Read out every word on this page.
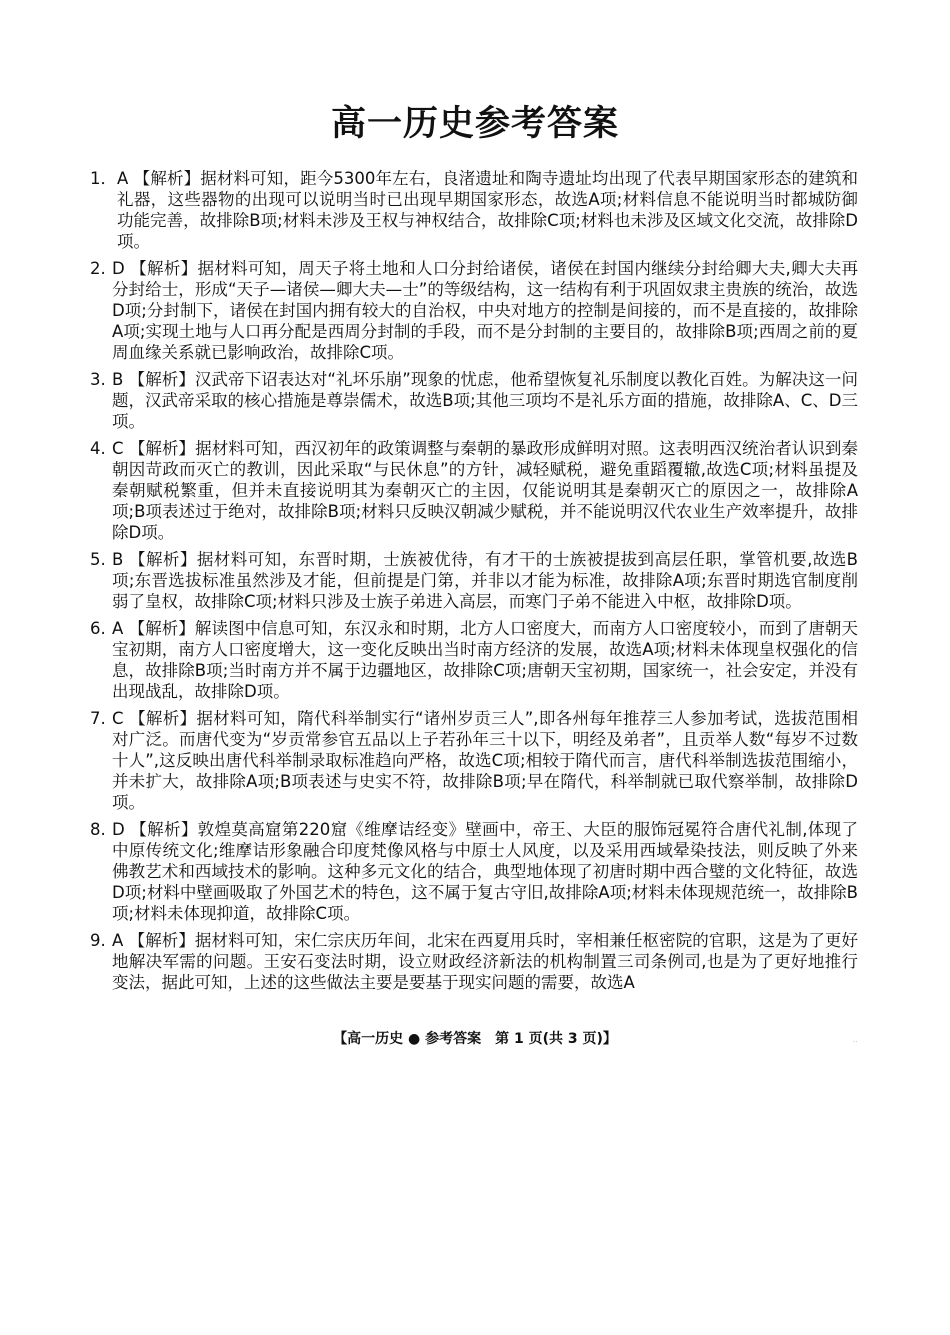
高一历史参考答案
1． A 【解析】据材料可知，距今5300年左右，良渚遗址和陶寺遗址均出现了代表早期国家形态的建筑和礼器，这些器物的出现可以说明当时已出现早期国家形态，故选A项;材料信息不能说明当时都城防御功能完善，故排除B项;材料未涉及王权与神权结合，故排除C项;材料也未涉及区域文化交流，故排除D项。
2. D 【解析】据材料可知，周天子将土地和人口分封给诸侯，诸侯在封国内继续分封给卿大夫,卿大夫再分封给士，形成“天子—诸侯—卿大夫—士”的等级结构，这一结构有利于巩固奴隶主贵族的统治，故选D项;分封制下，诸侯在封国内拥有较大的自治权，中央对地方的控制是间接的，而不是直接的，故排除A项;实现土地与人口再分配是西周分封制的手段，而不是分封制的主要目的，故排除B项;西周之前的夏周血缘关系就已影响政治，故排除C项。
3. B 【解析】汉武帝下诏表达对“礼坏乐崩”现象的忧虑，他希望恢复礼乐制度以教化百姓。为解决这一问题，汉武帝采取的核心措施是尊崇儒术，故选B项;其他三项均不是礼乐方面的措施，故排除A、C、D三项。
4. C 【解析】据材料可知，西汉初年的政策调整与秦朝的暴政形成鲜明对照。这表明西汉统治者认识到秦朝因苛政而灭亡的教训，因此采取“与民休息”的方针，减轻赋税，避免重蹈覆辙,故选C项;材料虽提及秦朝赋税繁重，但并未直接说明其为秦朝灭亡的主因，仅能说明其是秦朝灭亡的原因之一，故排除A项;B项表述过于绝对，故排除B项;材料只反映汉朝减少赋税，并不能说明汉代农业生产效率提升，故排除D项。
5. B 【解析】据材料可知，东晋时期，士族被优待，有才干的士族被提拔到高层任职，掌管机要,故选B项;东晋选拔标准虽然涉及才能，但前提是门第，并非以才能为标准，故排除A项;东晋时期选官制度削弱了皇权，故排除C项;材料只涉及士族子弟进入高层，而寒门子弟不能进入中枢，故排除D项。
6. A 【解析】解读图中信息可知，东汉永和时期，北方人口密度大，而南方人口密度较小，而到了唐朝天宝初期，南方人口密度增大，这一变化反映出当时南方经济的发展，故选A项;材料未体现皇权强化的信息，故排除B项;当时南方并不属于边疆地区，故排除C项;唐朝天宝初期，国家统一，社会安定，并没有出现战乱，故排除D项。
7. C 【解析】据材料可知，隋代科举制实行“诸州岁贡三人”,即各州每年推荐三人参加考试，选拔范围相对广泛。而唐代变为“岁贡常参官五品以上子若孙年三十以下，明经及弟者”，且贡举人数“每岁不过数十人”,这反映出唐代科举制录取标准趋向严格，故选C项;相较于隋代而言，唐代科举制选拔范围缩小，并未扩大，故排除A项;B项表述与史实不符，故排除B项;早在隋代，科举制就已取代察举制，故排除D项。
8. D 【解析】敦煌莫高窟第220窟《维摩诘经变》壁画中，帝王、大臣的服饰冠冕符合唐代礼制,体现了中原传统文化;维摩诘形象融合印度梵像风格与中原士人风度，以及采用西域晕染技法，则反映了外来佛教艺术和西域技术的影响。这种多元文化的结合，典型地体现了初唐时期中西合璧的文化特征，故选D项;材料中壁画吸取了外国艺术的特色，这不属于复古守旧,故排除A项;材料未体现规范统一，故排除B项;材料未体现抑道，故排除C项。
9. A 【解析】据材料可知，宋仁宗庆历年间，北宋在西夏用兵时，宰相兼任枢密院的官职，这是为了更好地解决军需的问题。王安石变法时期，设立财政经济新法的机构制置三司条例司,也是为了更好地推行变法，据此可知，上述的这些做法主要是要基于现实问题的需要，故选A
【高一历史 ● 参考答案　第 1 页(共 3 页)】	··
